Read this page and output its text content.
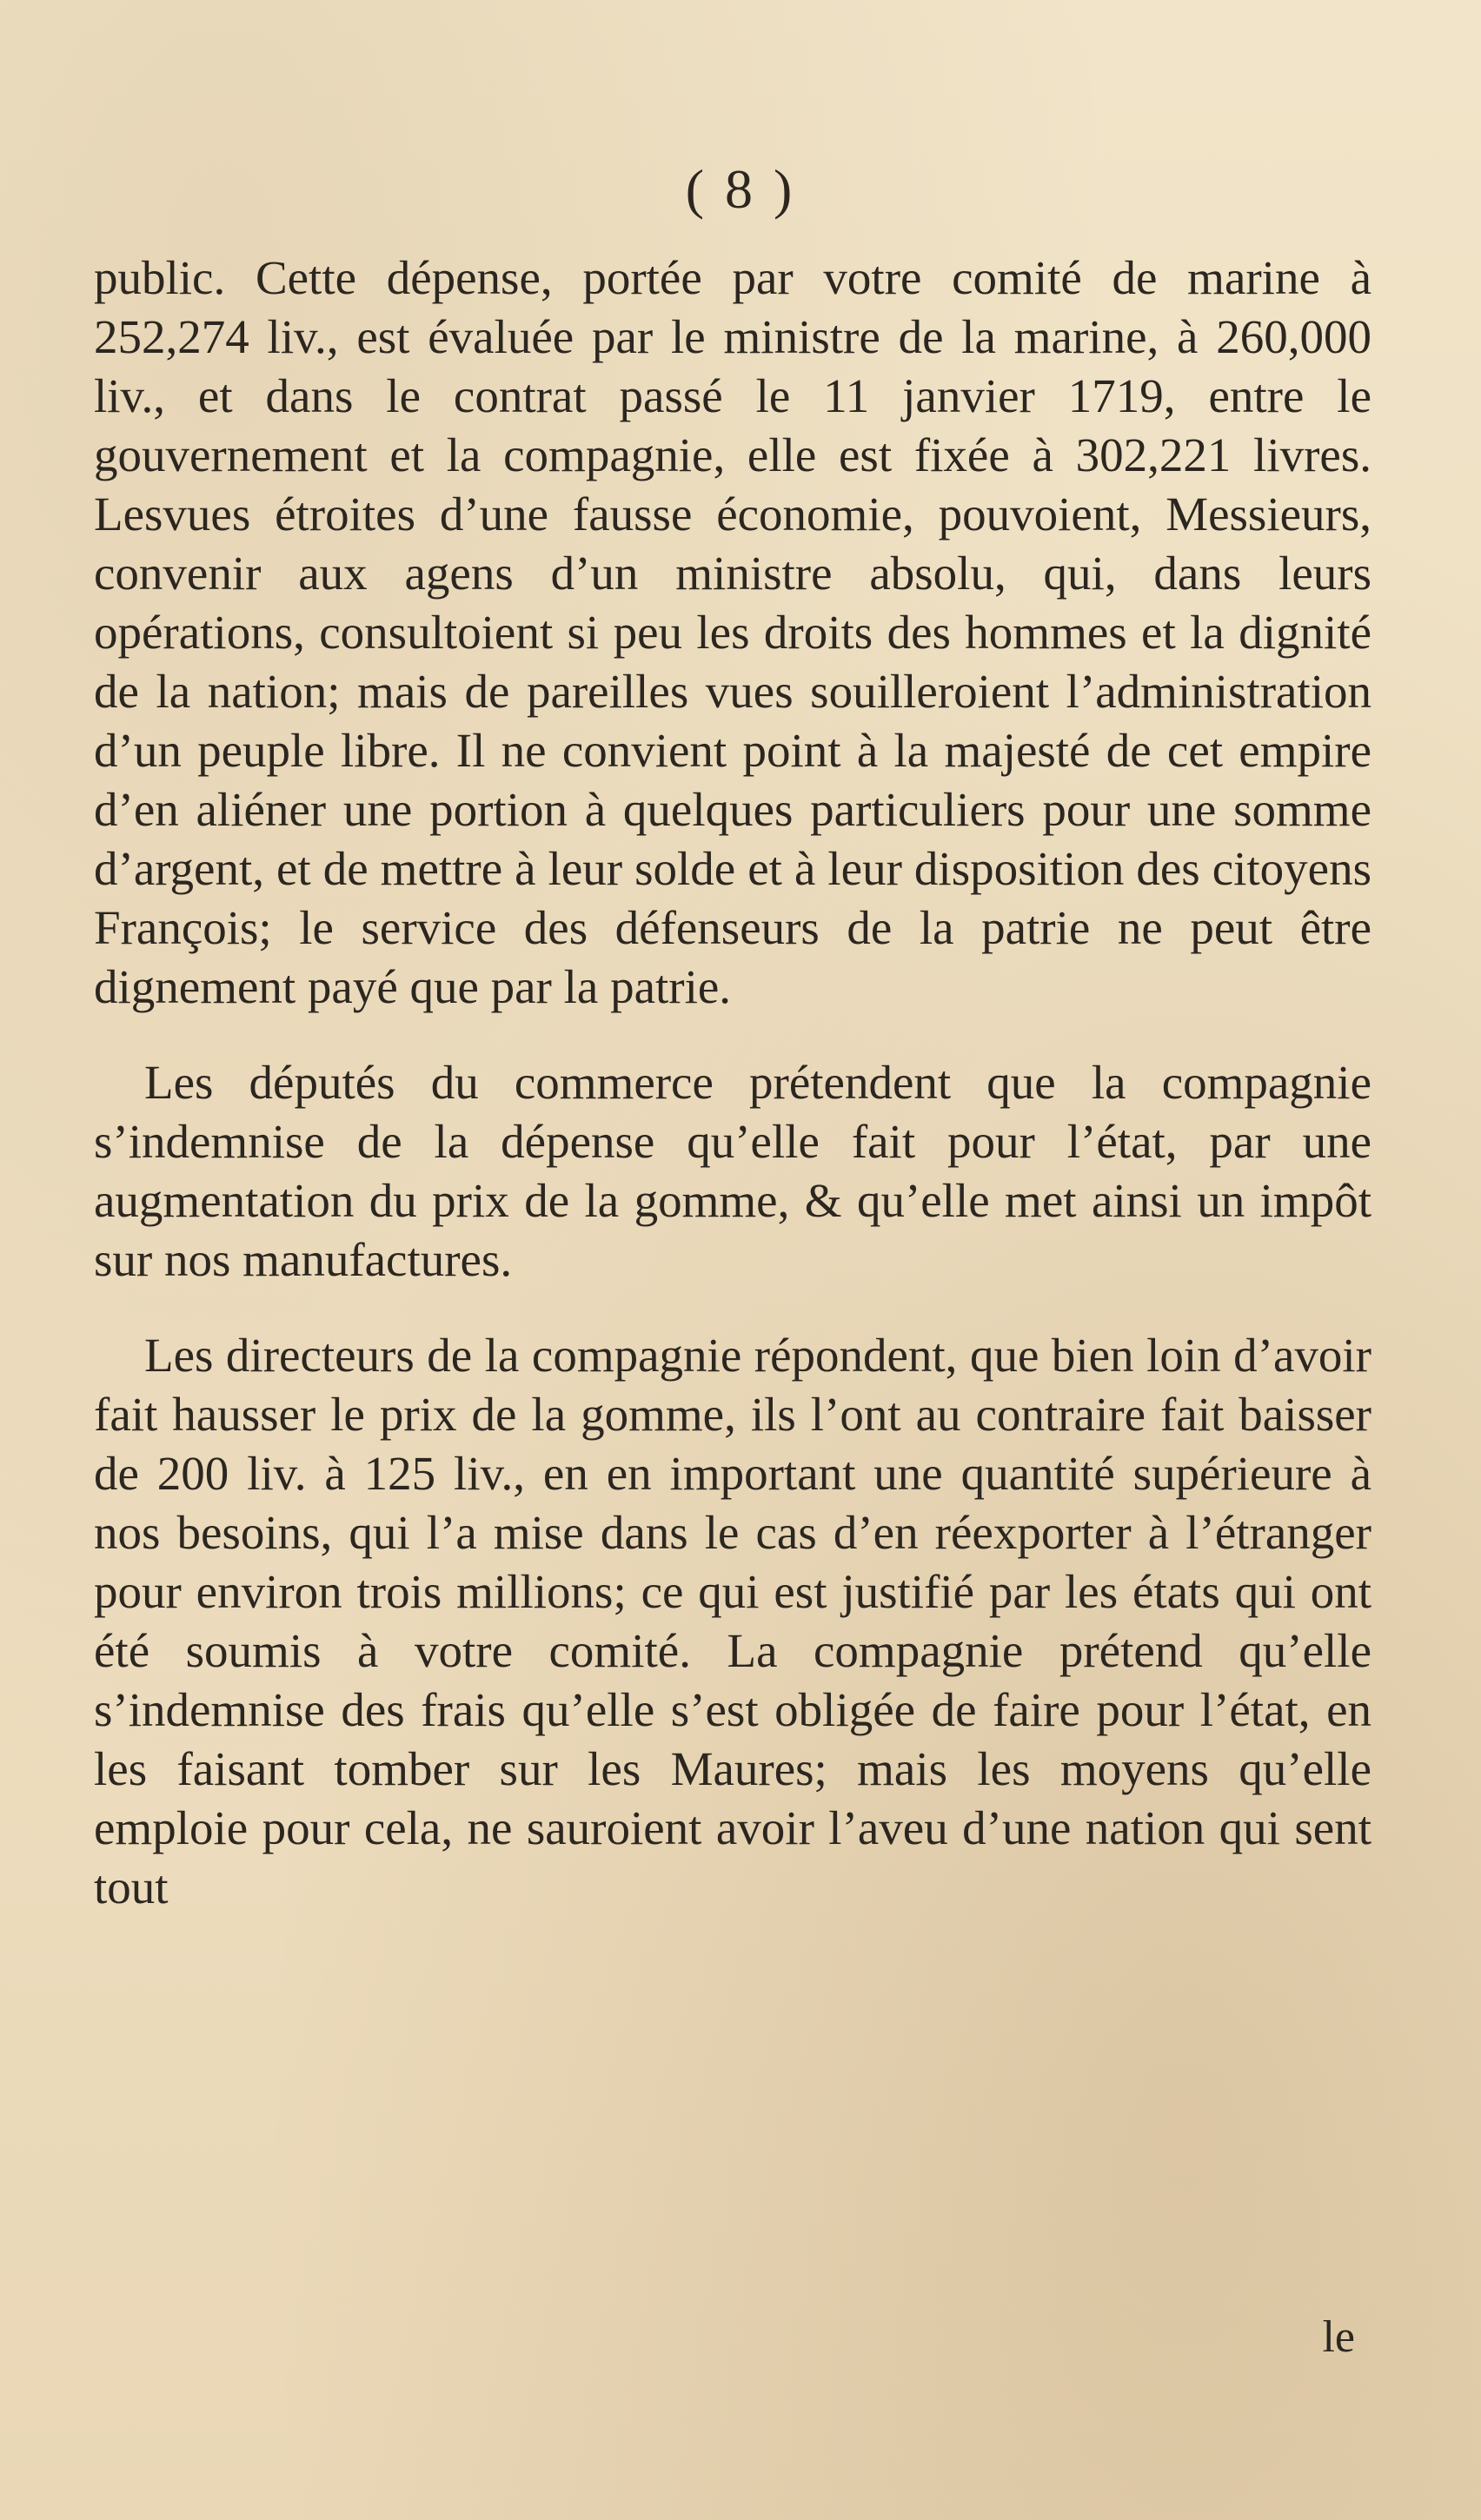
( 8 )

public. Cette dépense, portée par votre comité de marine à 252,274 liv., est évaluée par le ministre de la marine, à 260,000 liv., et dans le contrat passé le 11 janvier 1719, entre le gouvernement et la compagnie, elle est fixée à 302,221 livres. Lesvues étroites d’une fausse économie, pouvoient, Messieurs, convenir aux agens d’un ministre absolu, qui, dans leurs opérations, consultoient si peu les droits des hommes et la dignité de la nation; mais de pareilles vues souilleroient l’administration d’un peuple libre. Il ne convient point à la majesté de cet empire d’en aliéner une portion à quelques particuliers pour une somme d’argent, et de mettre à leur solde et à leur disposition des citoyens François; le service des défenseurs de la patrie ne peut être dignement payé que par la patrie.

Les députés du commerce prétendent que la compagnie s’indemnise de la dépense qu’elle fait pour l’état, par une augmentation du prix de la gomme, & qu’elle met ainsi un impôt sur nos manufactures.

Les directeurs de la compagnie répondent, que bien loin d’avoir fait hausser le prix de la gomme, ils l’ont au contraire fait baisser de 200 liv. à 125 liv., en en important une quantité supérieure à nos besoins, qui l’a mise dans le cas d’en réexporter à l’étranger pour environ trois millions; ce qui est justifié par les états qui ont été soumis à votre comité. La compagnie prétend qu’elle s’indemnise des frais qu’elle s’est obligée de faire pour l’état, en les faisant tomber sur les Maures; mais les moyens qu’elle emploie pour cela, ne sauroient avoir l’aveu d’une nation qui sent tout

le
